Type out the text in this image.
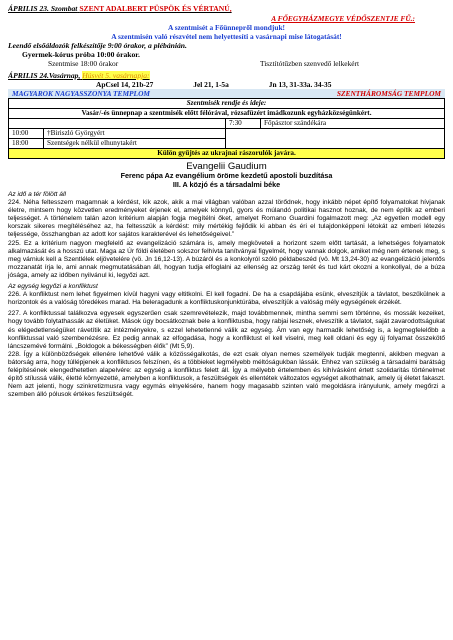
ÁPRILIS 23. Szombat SZENT ADALBERT PÜSPÖK ÉS VÉRTANÚ,
A FŐEGYHÁZMEGYE VÉDŐSZENTJE FŰ.:
A szentmisét a Főünnepről mondjuk!
A szentmisén való részvétel nem helyettesíti a vasárnapi mise látogatását!
Leendő elsőáldozók felkészítője 9:00 órakor, a plébánián.
Gyermek-kórus próba 10:00 órakor.
Szentmise 18:00 órakor	Tisztítótűzben szenvedő lelkekért
ÁPRILIS 24.Vasárnap, Húsvét 5. vasárnapja:
ApCsel 14, 21b-27	Jel 21, 1-5a	Jn 13, 31-33a. 34-35
MAGYAROK NAGYASSZONYA TEMPLOM	SZENTHÁROMSÁG TEMPLOM
Szentmisék rendje és ideje:			
Vasár/-és ünnepnap a szentmisék előtt félórával, rózsafüzért imádkozunk egyházközségünkért.			
		7:30	Főpásztor szándékára
10:00	†Biriszló Györgyért		
18:00	Szentségek nélkül elhunytakért		
Külön gyűjtés az ukrajnai rászorulók javára.			
Evangelii Gaudium
Ferenc pápa Az evangélium öröme kezdetű apostoli buzdítása
III. A közjó és a társadalmi béke

Az idő a tér fölött áll

224. Néha feltesszem magamnak a kérdést, kik azok, akik a mai világban valóban azzal törődnek, hogy inkább népet építő folyamatokat hívjanak életre, mintsem hogy közvetlen eredményeket érjenek el, amelyek könnyű, gyors és múlandó politikai hasznot hoznak, de nem építik az emberi teljességet. A történelem talán azon kritérium alapján fogja megítélni őket, amelyet Romano Guardini fogalmazott meg: „Az egyetlen modell egy korszak sikeres megítéléséhez az, ha feltesszük a kérdést: mily mértékig fejlődik ki abban és éri el tulajdonképpeni létokát az emberi létezés teljessége, összhangban az adott kor sajátos karakterével és lehetőségeivel.”

225. Ez a kritérium nagyon megfelelő az evangelizáció számára is, amely megköveteli a horizont szem előtt tartását, a lehetséges folyamatok alkalmazását és a hosszú utat. Maga az Úr földi életében sokszor felhívta tanítványai figyelmét, hogy vannak dolgok, amiket még nem értenek meg, s meg várniuk kell a Szentlélek eljövetelére (vö. Jn 16,12-13). A búzáról és a konkolyról szóló példabeszéd (vö. Mt 13,24-30) az evangelizáció jelentős mozzanatát írja le, ami annak megmutatásában áll, hogyan tudja elfoglalni az ellenség az ország terét és tud kárt okozni a konkollyal, de a búza jósága, amely az időben nyilvánul ki, legyőzi azt.

Az egység legyőzi a konfliktust

226. A konfliktust nem lehet figyelmen kívül hagyni vagy eltitkolni. El kell fogadni. De ha a csapdájába esünk, elveszítjük a távlatot, beszűkülnek a horizontok és a valóság töredékes marad. Ha beleragadunk a konfliktuskonjunktúrába, elveszítjük a valóság mély egységének érzékét.

227. A konfliktussal találkozva egyesek egyszerűen csak szemrevételezik, majd továbbmennek, mintha semmi sem történne, és mossák kezeiket, hogy tovább folytathassák az életüket. Mások úgy bocsátkoznak bele a konfliktusba, hogy rabjai lesznek, elveszítik a távlatot, saját zavarodottságukat és elégedetlenségüket rávetítik az intézményekre, s ezzel lehetetlenné válik az egység. Ám van egy harmadik lehetőség is, a legmegfelelőbb a konfliktussal való szembenézésre. Ez pedig annak az elfogadása, hogy a konfliktust el kell viselni, meg kell oldani és egy új folyamat összekötő láncszemévé formálni. „Boldogok a békességben élők” (Mt 5,9).

228. Így a különbözőségek ellenére lehetővé válik a közösségalkotás, de ezt csak olyan nemes személyek tudják megtenni, akikben megvan a bátorság arra, hogy túllépjenek a konfliktusos felszínen, és a többieket legmélyebb méltóságukban lássák. Ehhez van szükség a társadalmi barátság felépítésének elengedhetetlen alapelvére: az egység a konfliktus felett áll. Így a mélyebb értelemben és kihívásként értett szolidaritás történelmet építő stílussá válik, életté környezetté, amelyben a konfliktusok, a feszültségek és ellentétek változatos egységet alkothatnak, amely új életet fakaszt. Nem azt jelenti, hogy szinkretizmusra vagy egymás elnyelésére, hanem hogy magasabb szinten való megoldásra irányulunk, amely megőrzi a szemben álló pólusok értékes feszültségét.
